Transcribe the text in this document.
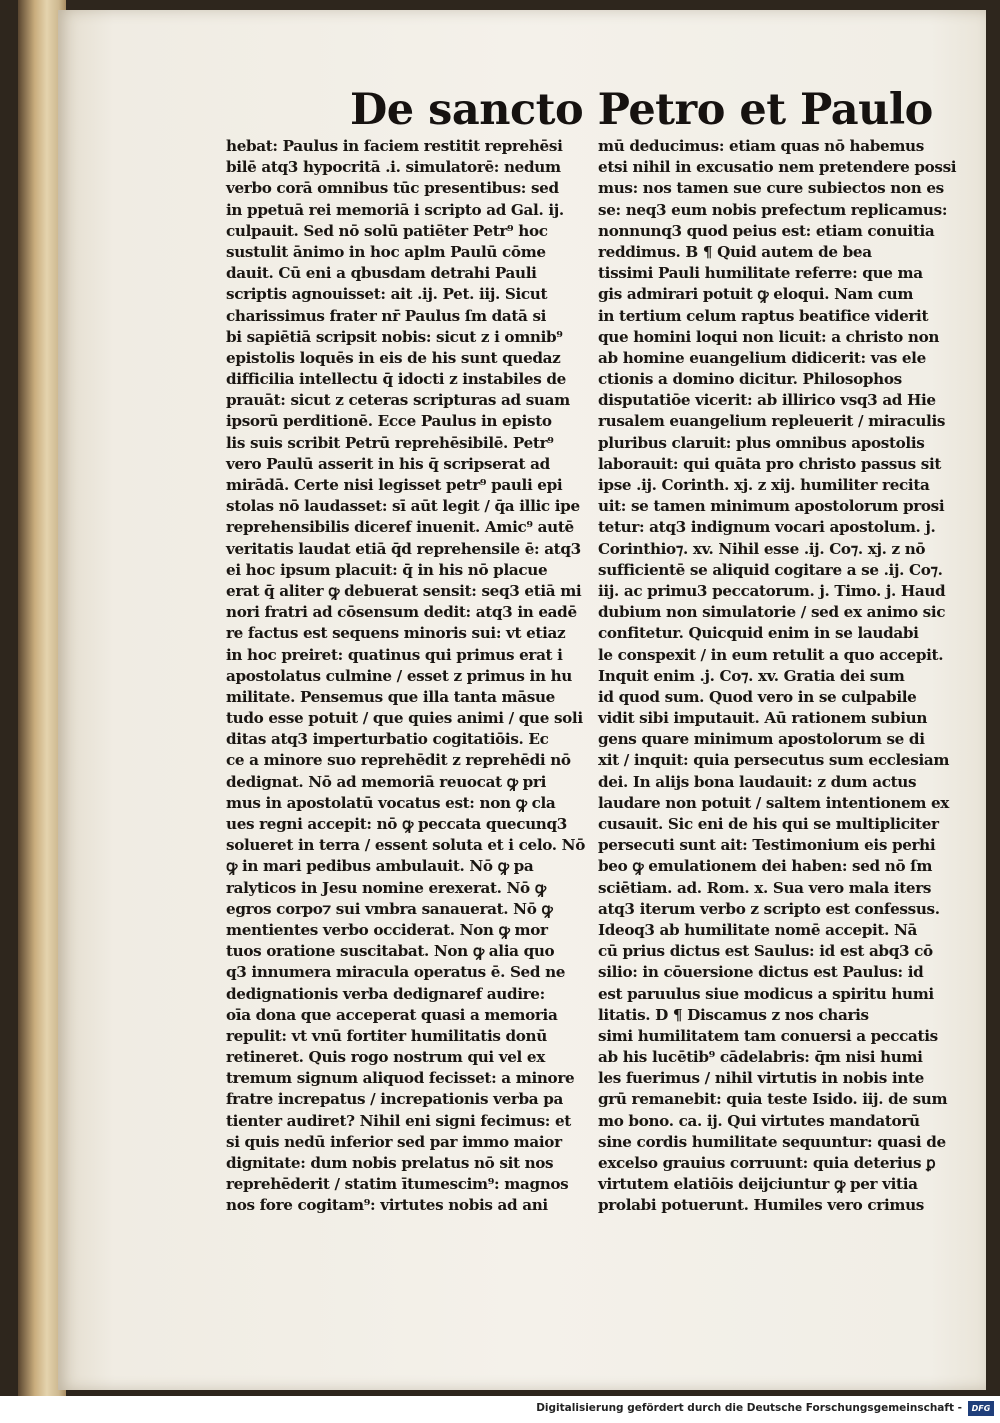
De sancto Petro et Paulo
hebat: Paulus in faciem restitit reprehēsi
bilē atq3 hypocritā .i. simulatorē: nedum
verbo corā omnibus tūc presentibus: sed
in ppetuā rei memoriā i scripto ad Gal. ij.
culpauit. Sed nō solū patiēter Petr⁹ hoc
sustulit ānimo in hoc aplm Paulū cōme
dauit. Cū eni a qbusdam detrahi Pauli
scriptis agnouisset: ait .ij. Pet. iij. Sicut
charissimus frater nr̄ Paulus ſm datā si
bi sapiētiā scripsit nobis: sicut z i omnib⁹
epistolis loquēs in eis de his sunt quedaz
difficilia intellectu q̄ idocti z instabiles de
prauāt: sicut z ceteras scripturas ad suam
ipsorū perditionē. Ecce Paulus in episto
lis suis scribit Petrū reprehēsibilē. Petr⁹
vero Paulū asserit in his q̄ scripserat ad
mirādā. Certe nisi legisset petr⁹ pauli epi
stolas nō laudasset: sī aūt legit / q̄a illic ipe
reprehensibilis diceref inuenit. Amic⁹ autē
veritatis laudat etiā q̄d reprehensile ē: atq3
ei hoc ipsum placuit: q̄ in his nō placue
erat q̄ aliter ꝙ debuerat sensit: seq3 etiā mi
nori fratri ad cōsensum dedit: atq3 in eadē
re factus est sequens minoris sui: vt etiaz
in hoc preiret: quatinus qui primus erat i
apostolatus culmine / esset z primus in hu
militate. Pensemus que illa tanta māsue
tudo esse potuit / que quies animi / que soli
ditas atq3 imperturbatio cogitatiōis. Ec
ce a minore suo reprehēdit z reprehēdi nō
dedignat. Nō ad memoriā reuocat ꝙ pri
mus in apostolatū vocatus est: non ꝙ cla
ues regni accepit: nō ꝙ peccata quecunq3
solueret in terra / essent soluta et i celo. Nō
ꝙ in mari pedibus ambulauit. Nō ꝙ pa
ralyticos in Jesu nomine erexerat. Nō ꝙ
egros corpo⁊ sui vmbra sanauerat. Nō ꝙ
mentientes verbo occiderat. Non ꝙ mor
tuos oratione suscitabat. Non ꝙ alia quo
q3 innumera miracula operatus ē. Sed ne
dedignationis verba dedignaref audire:
oīa dona que acceperat quasi a memoria
repulit: vt vnū fortiter humilitatis donū
retineret. Quis rogo nostrum qui vel ex
tremum signum aliquod fecisset: a minore
fratre increpatus / increpationis verba pa
tienter audiret? Nihil eni signi fecimus: et
si quis nedū inferior sed par immo maior
dignitate: dum nobis prelatus nō sit nos
reprehēderit / statim ītumescim⁹: magnos
nos fore cogitam⁹: virtutes nobis ad ani
mū deducimus: etiam quas nō habemus
etsi nihil in excusatio nem pretendere possi
mus: nos tamen sue cure subiectos non es
se: neq3 eum nobis prefectum replicamus:
nonnunq3 quod peius est: etiam conuitia
reddimus. B ¶ Quid autem de bea
tissimi Pauli humilitate referre: que ma
gis admirari potuit ꝙ eloqui. Nam cum
in tertium celum raptus beatifice viderit
que homini loqui non licuit: a christo non
ab homine euangelium didicerit: vas ele
ctionis a domino dicitur. Philosophos
disputatiōe vicerit: ab illirico vsq3 ad Hie
rusalem euangelium repleuerit / miraculis
pluribus claruit: plus omnibus apostolis
laborauit: qui quāta pro christo passus sit
ipse .ij. Corinth. xj. z xij. humiliter recita
uit: se tamen minimum apostolorum prosi
tetur: atq3 indignum vocari apostolum. j.
Corinthio⁊. xv. Nihil esse .ij. Co⁊. xj. z nō
sufficientē se aliquid cogitare a se .ij. Co⁊.
iij. ac primu3 peccatorum. j. Timo. j. Haud
dubium non simulatorie / sed ex animo sic
confitetur. Quicquid enim in se laudabi
le conspexit / in eum retulit a quo accepit.
Inquit enim .j. Co⁊. xv. Gratia dei sum
id quod sum. Quod vero in se culpabile
vidit sibi imputauit. Aū rationem subiun
gens quare minimum apostolorum se di
xit / inquit: quia persecutus sum ecclesiam
dei. In alijs bona laudauit: z dum actus
laudare non potuit / saltem intentionem ex
cusauit. Sic eni de his qui se multipliciter
persecuti sunt ait: Testimonium eis perhi
beo ꝙ emulationem dei haben: sed nō ſm
sciētiam. ad. Rom. x. Sua vero mala iters
atq3 iterum verbo z scripto est confessus.
Ideoq3 ab humilitate nomē accepit. Nā
cū prius dictus est Saulus: id est abq3 cō
silio: in cōuersione dictus est Paulus: id
est paruulus siue modicus a spiritu humi
litatis. D ¶ Discamus z nos charis
simi humilitatem tam conuersi a peccatis
ab his lucētib⁹ cādelabris: q̄m nisi humi
les fuerimus / nihil virtutis in nobis inte
grū remanebit: quia teste Isido. iij. de sum
mo bono. ca. ij. Qui virtutes mandatorū
sine cordis humilitate sequuntur: quasi de
excelso grauius corruunt: quia deterius ꝑ
virtutem elatiōis deijciuntur ꝙ per vitia
prolabi potuerunt. Humiles vero crimus
Digitalisierung gefördert durch die Deutsche Forschungsgemeinschaft -	DFG
